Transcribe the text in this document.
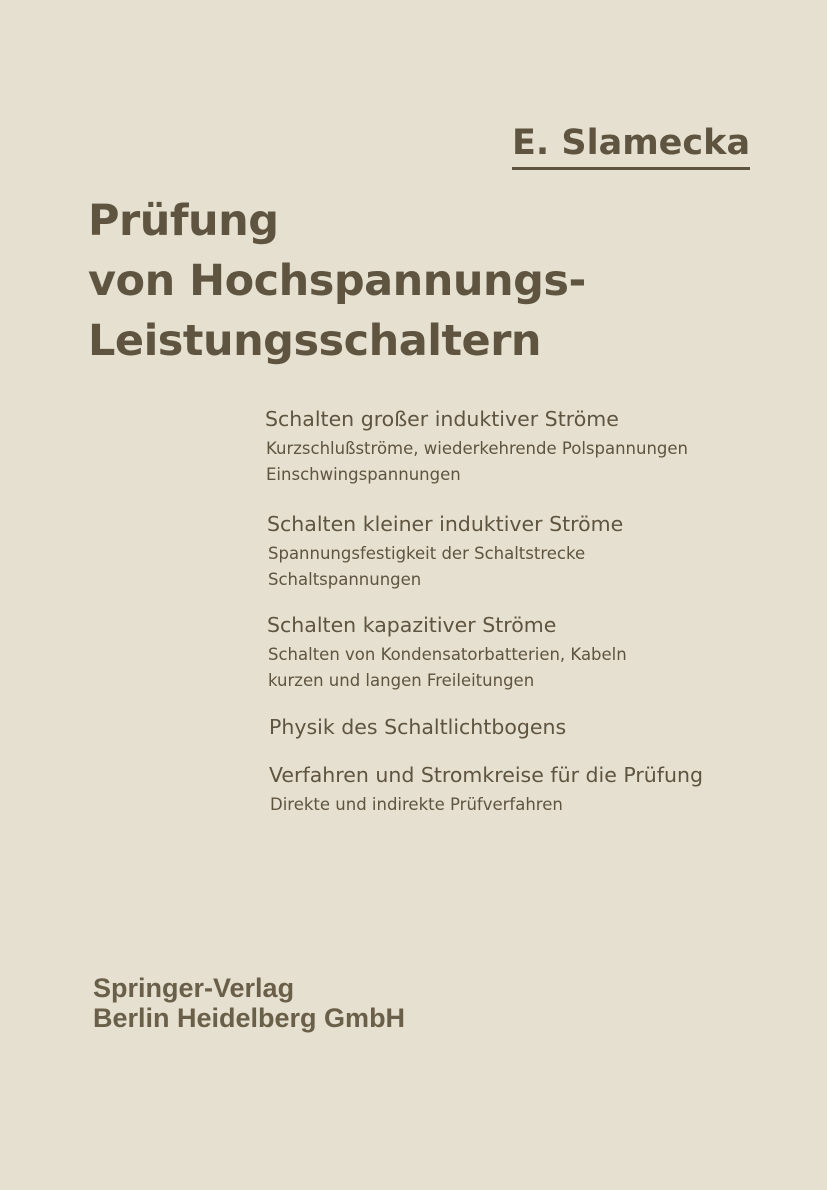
E. Slamecka
Prüfung
von Hochspannungs-
Leistungsschaltern
Schalten großer induktiver Ströme
Kurzschlußströme, wiederkehrende Polspannungen
Einschwingspannungen
Schalten kleiner induktiver Ströme
Spannungsfestigkeit der Schaltstrecke
Schaltspannungen
Schalten kapazitiver Ströme
Schalten von Kondensatorbatterien, Kabeln
kurzen und langen Freileitungen
Physik des Schaltlichtbogens
Verfahren und Stromkreise für die Prüfung
Direkte und indirekte Prüfverfahren
Springer-Verlag
Berlin Heidelberg GmbH
